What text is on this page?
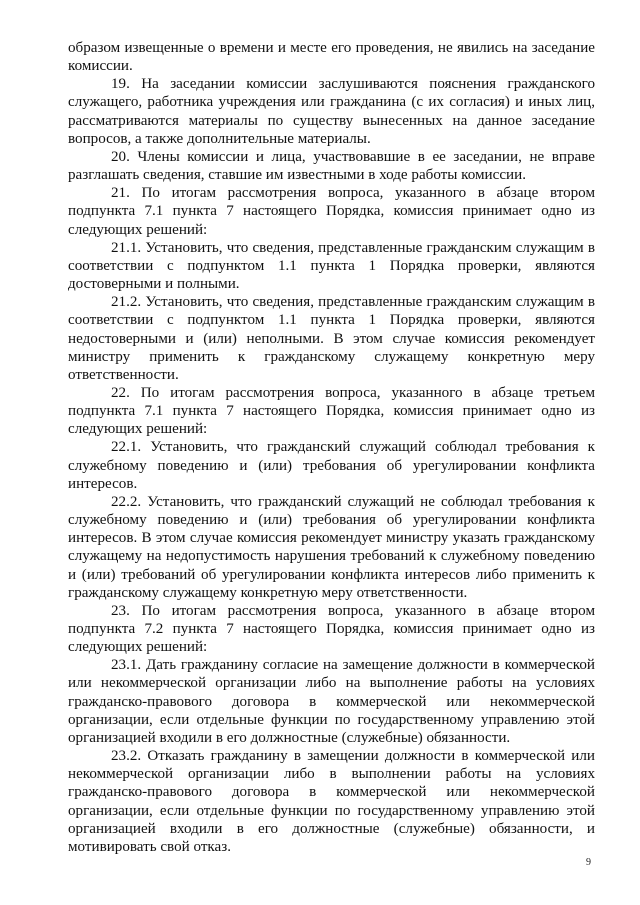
образом извещенные о времени и месте его проведения, не явились на заседание комиссии.

19. На заседании комиссии заслушиваются пояснения гражданского служащего, работника учреждения или гражданина (с их согласия) и иных лиц, рассматриваются материалы по существу вынесенных на данное заседание вопросов, а также дополнительные материалы.

20. Члены комиссии и лица, участвовавшие в ее заседании, не вправе разглашать сведения, ставшие им известными в ходе работы комиссии.

21. По итогам рассмотрения вопроса, указанного в абзаце втором подпункта 7.1 пункта 7 настоящего Порядка, комиссия принимает одно из следующих решений:

21.1. Установить, что сведения, представленные гражданским служащим в соответствии с подпунктом 1.1 пункта 1 Порядка проверки, являются достоверными и полными.

21.2. Установить, что сведения, представленные гражданским служащим в соответствии с подпунктом 1.1 пункта 1 Порядка проверки, являются недостоверными и (или) неполными. В этом случае комиссия рекомендует министру применить к гражданскому служащему конкретную меру ответственности.

22. По итогам рассмотрения вопроса, указанного в абзаце третьем подпункта 7.1 пункта 7 настоящего Порядка, комиссия принимает одно из следующих решений:

22.1. Установить, что гражданский служащий соблюдал требования к служебному поведению и (или) требования об урегулировании конфликта интересов.

22.2. Установить, что гражданский служащий не соблюдал требования к служебному поведению и (или) требования об урегулировании конфликта интересов. В этом случае комиссия рекомендует министру указать гражданскому служащему на недопустимость нарушения требований к служебному поведению и (или) требований об урегулировании конфликта интересов либо применить к гражданскому служащему конкретную меру ответственности.

23. По итогам рассмотрения вопроса, указанного в абзаце втором подпункта 7.2 пункта 7 настоящего Порядка, комиссия принимает одно из следующих решений:

23.1. Дать гражданину согласие на замещение должности в коммерческой или некоммерческой организации либо на выполнение работы на условиях гражданско-правового договора в коммерческой или некоммерческой организации, если отдельные функции по государственному управлению этой организацией входили в его должностные (служебные) обязанности.

23.2. Отказать гражданину в замещении должности в коммерческой или некоммерческой организации либо в выполнении работы на условиях гражданско-правового договора в коммерческой или некоммерческой организации, если отдельные функции по государственному управлению этой организацией входили в его должностные (служебные) обязанности, и мотивировать свой отказ.

9
